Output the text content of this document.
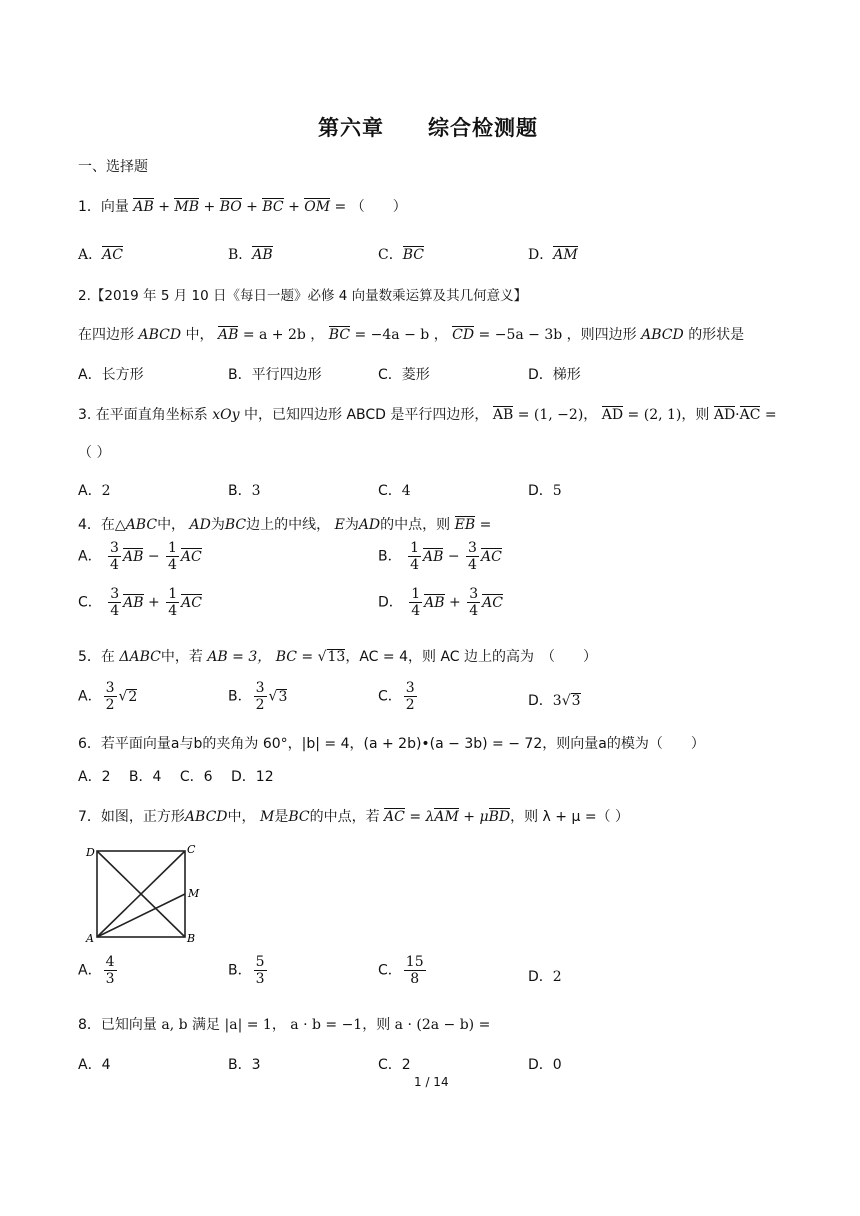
第六章　　综合检测题
一、选择题
1．向量 AB + MB + BO + BC + OM = （　　）
A．AC	B．AB	C．BC	D．AM
2.【2019 年 5 月 10 日《每日一题》必修 4 向量数乘运算及其几何意义】
在四边形 ABCD 中， AB = a + 2b ， BC = −4a − b ， CD = −5a − 3b ，则四边形 ABCD 的形状是
A．长方形	B．平行四边形	C．菱形	D．梯形
3. 在平面直角坐标系 xOy 中，已知四边形 ABCD 是平行四边形， AB = (1, −2)， AD = (2, 1)，则 AD·AC =
（ ）
A．2	B．3	C．4	D．5
4．在△ABC中， AD为BC边上的中线， E为AD的中点，则 EB =
A． $\frac{3}{4}$ AB − $\frac{1}{4}$ AC	B． $\frac{1}{4}$ AB − $\frac{3}{4}$ AC
C． $\frac{3}{4}$ AB + $\frac{1}{4}$ AC	D． $\frac{1}{4}$ AB + $\frac{3}{4}$ AC
5．在 ΔABC中，若 AB = 3， BC = √13，AC = 4，则 AC 边上的高为　（　　）
A． $\frac{3}{2} √2$	B． $\frac{3}{2} √3$	C． $\frac{3}{2}$	D．3√3
6．若平面向量a与b的夹角为 60°，|b| = 4，(a + 2b)•(a − 3b) = − 72，则向量a的模为（　　）
A．2　 B．4　 C．6　 D．12
7．如图，正方形ABCD中， M是BC的中点，若 AC = λAM + μBD，则 λ + μ =（ ）
D	C
M
A	B
A． $\frac{4}{3}$	B． $\frac{5}{3}$	C． $\frac{15}{8}$	D．2
8．已知向量 a, b 满足 |a| = 1， a · b = −1，则 a · (2a − b) =
A．4	B．3	C．2	D．0
1 / 14
